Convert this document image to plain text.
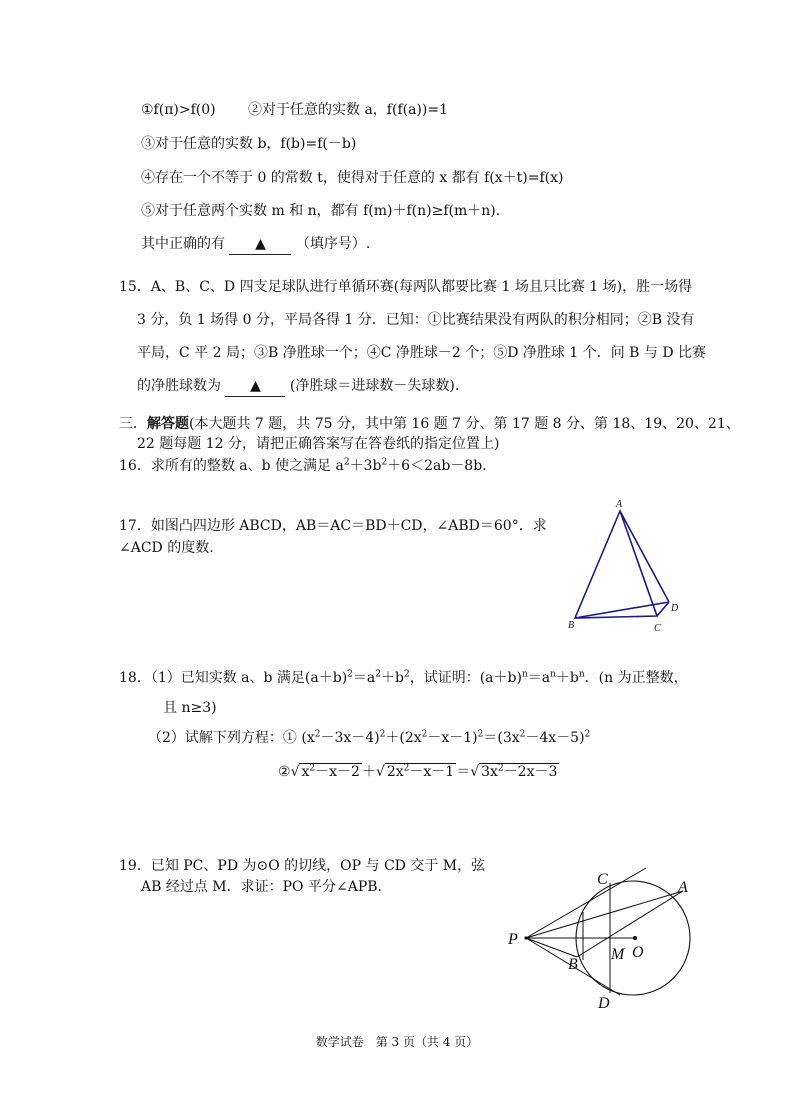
①f(π)>f(0) ②对于任意的实数 a，f(f(a))=1
③对于任意的实数 b，f(b)=f(－b)
④存在一个不等于 0 的常数 t，使得对于任意的 x 都有 f(x＋t)=f(x)
⑤对于任意两个实数 m 和 n，都有 f(m)＋f(n)≥f(m＋n).
其中正确的有 ▲ （填序号）.
15．A、B、C、D 四支足球队进行单循环赛(每两队都要比赛 1 场且只比赛 1 场)，胜一场得
3 分，负 1 场得 0 分，平局各得 1 分．已知：①比赛结果没有两队的积分相同；②B 没有
平局，C 平 2 局；③B 净胜球一个；④C 净胜球－2 个；⑤D 净胜球 1 个．问 B 与 D 比赛
的净胜球数为 ▲ (净胜球＝进球数－失球数).
三．解答题(本大题共 7 题，共 75 分，其中第 16 题 7 分、第 17 题 8 分、第 18、19、20、21、
22 题每题 12 分，请把正确答案写在答卷纸的指定位置上)
16．求所有的整数 a、b 使之满足 $a^2+3b^2+6<2ab-8b$.
17．如图凸四边形 ABCD，AB＝AC＝BD＋CD，∠ABD＝60°．求
∠ACD 的度数.
A
B	C
D
18．（1）已知实数 a、b 满足$(a+b)^2=a^2+b^2$，试证明：$(a+b)^n=a^n+b^n$．(n 为正整数，
且 n≥3)
（2）试解下列方程：① $(x^2-3x-4)^2+(2x^2-x-1)^2=(3x^2-4x-5)^2$
②√ $x^2-x-2$ ＋√ $2x^2-x-1$ ＝√ $3x^2-2x-3$
19．已知 PC、PD 为⊙O 的切线，OP 与 CD 交于 M，弦
AB 经过点 M．求证：PO 平分∠APB.	C	A
P
M O
B
D
数学试卷　第 3 页（共 4 页）
